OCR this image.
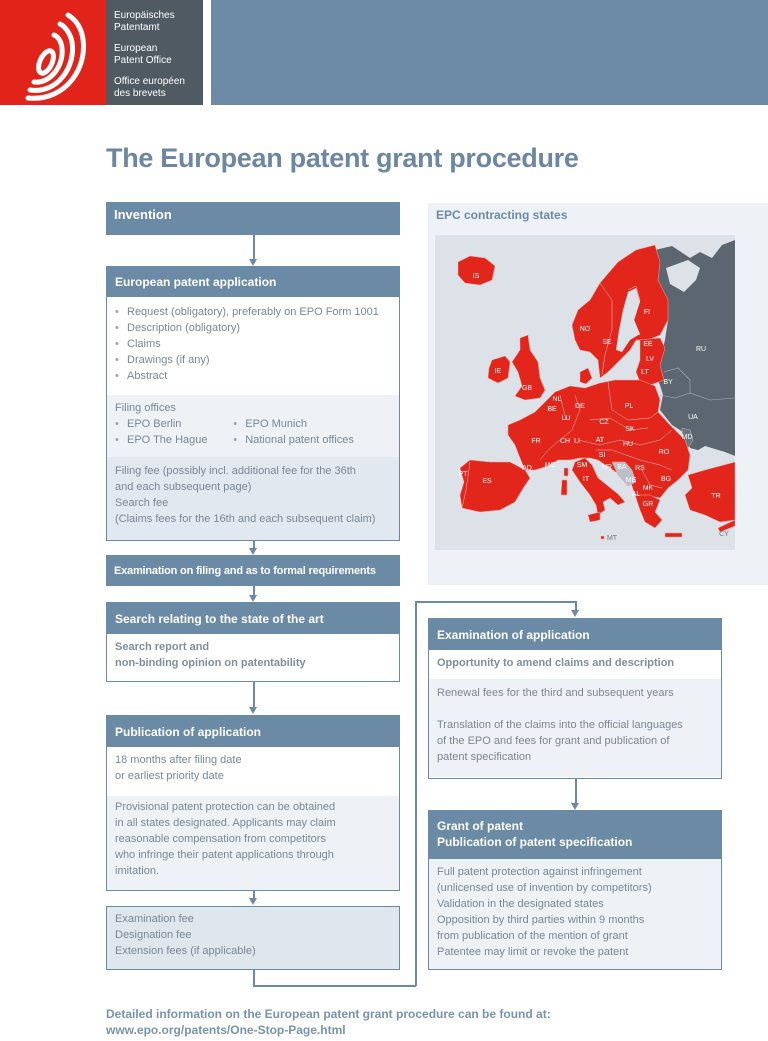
Europäisches
Patentamt
European
Patent Office
Office européen
des brevets
The European patent grant procedure
Invention
European patent application
• Request (obligatory), preferably on EPO Form 1001
• Description (obligatory)
• Claims
• Drawings (if any)
• Abstract
Filing offices
• EPO Berlin
• EPO The Hague
• EPO Munich
• National patent offices
Filing fee (possibly incl. additional fee for the 36th
and each subsequent page)
Search fee
(Claims fees for the 16th and each subsequent claim)
Examination on filing and as to formal requirements
Search relating to the state of the art
Search report and
non-binding opinion on patentability
Publication of application
18 months after filing date
or earliest priority date
Provisional patent protection can be obtained
in all states designated. Applicants may claim
reasonable compensation from competitors
who infringe their patent applications through
imitation.
Examination fee
Designation fee
Extension fees (if applicable)
Examination of application
Opportunity to amend claims and description
Renewal fees for the third and subsequent years
Translation of the claims into the official languages
of the EPO and fees for grant and publication of
patent specification
Grant of patent
Publication of patent specification
Full patent protection against infringement
(unlicensed use of invention by competitors)
Validation in the designated states
Opposition by third parties within 9 months
from publication of the mention of grant
Patentee may limit or revoke the patent
EPC contracting states
IS
NO
SE
FI
EE
LV
LT
IE
GB
NL
BE
LU
DE	PL
CZ
SK
FR	CH LI AT
HU
RO
SI
AD MC	SM HR	RS
PT
ES	IT	BG
MK
AL
GR
TR
MT
CY
BA
ME
RU
BY
UA
MD
Detailed information on the European patent grant procedure can be found at:
www.epo.org/patents/One-Stop-Page.html
